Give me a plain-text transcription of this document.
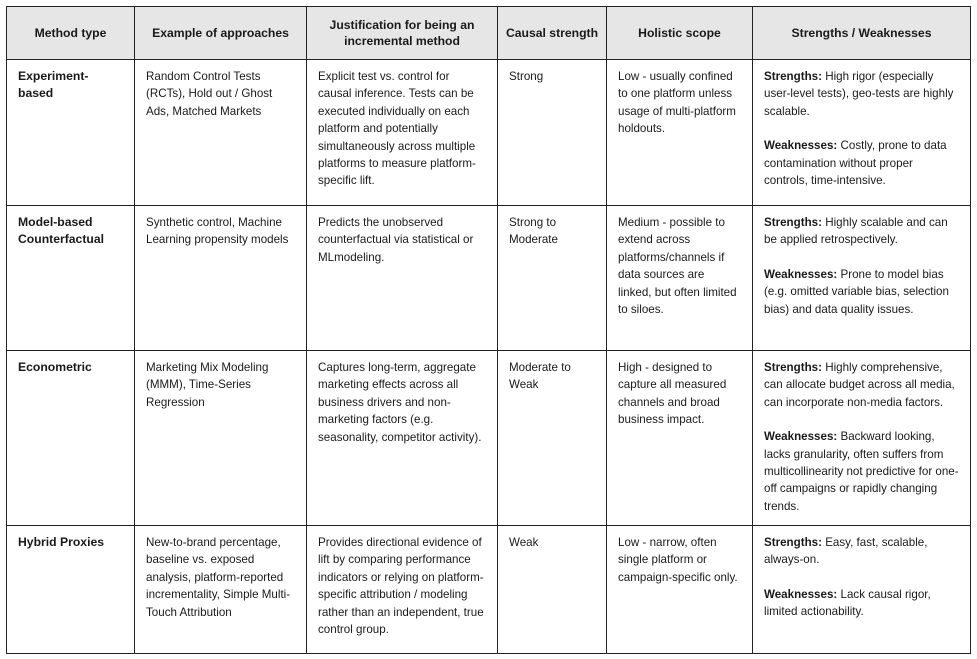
Method type	Example of approaches	Justification for being an incremental method	Causal strength	Holistic scope	Strengths / Weaknesses
Experiment-based	Random Control Tests (RCTs), Hold out / Ghost Ads, Matched Markets	Explicit test vs. control for causal inference. Tests can be executed individually on each platform and potentially simultaneously across multiple platforms to measure platform-specific lift.	Strong	Low - usually confined to one platform unless usage of multi-platform holdouts.	Strengths: High rigor (especially user-level tests), geo-tests are highly scalable.

Weaknesses: Costly, prone to data contamination without proper controls, time-intensive.

Model-based Counterfactual	Synthetic control, Machine Learning propensity models	Predicts the unobserved counterfactual via statistical or MLmodeling.	Strong to Moderate	Medium - possible to extend across platforms/channels if data sources are linked, but often limited to siloes.	Strengths: Highly scalable and can be applied retrospectively.

Weaknesses: Prone to model bias (e.g. omitted variable bias, selection bias) and data quality issues.

Econometric	Marketing Mix Modeling (MMM), Time-Series Regression	Captures long-term, aggregate marketing effects across all business drivers and non-marketing factors (e.g. seasonality, competitor activity).	Moderate to Weak	High - designed to capture all measured channels and broad business impact.	Strengths: Highly comprehensive, can allocate budget across all media, can incorporate non-media factors.

Weaknesses: Backward looking, lacks granularity, often suffers from multicollinearity not predictive for one-off campaigns or rapidly changing trends.

Hybrid Proxies	New-to-brand percentage, baseline vs. exposed analysis, platform-reported incrementality, Simple Multi-Touch Attribution	Provides directional evidence of lift by comparing performance indicators or relying on platform-specific attribution / modeling rather than an independent, true control group.	Weak	Low - narrow, often single platform or campaign-specific only.	Strengths: Easy, fast, scalable, always-on.

Weaknesses: Lack causal rigor, limited actionability.
